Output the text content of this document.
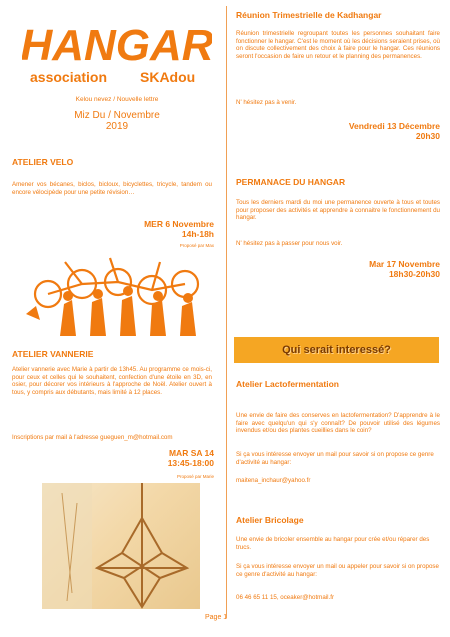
HANGAR
association SKAdou
Kelou nevez / Nouvelle lettre
Miz Du / Novembre
2019
ATELIER VELO
Amener vos bécanes, biclos, bicloux, bicyclettes, tricycle, tandem ou encore vélocipède pour une petite révision…
MER 6 Novembre
14h-18h
Proposé par Max
ATELIER VANNERIE
Atelier vannerie avec Marie à partir de 13h45. Au programme ce mois-ci, pour ceux et celles qui le souhaitent, confection d'une étoile en 3D, en osier, pour décorer vos intérieurs à l'approche de Noël. Atelier ouvert à tous, y compris aux débutants, mais limité à 12 places.
Inscriptions par mail à l'adresse gueguen_m@hotmail.com
MAR SA 14
13:45-18:00
Proposé par Marie
Réunion Trimestrielle de Kadhangar
Réunion trimestrielle regroupant toutes les personnes souhaitant faire fonctionner le hangar. C'est le moment où les décisions seraient prises, où on discute collectivement des choix à faire pour le hangar. Ces réunions seront l'occasion de faire un retour et le planning des permanences.
N' hésitez pas à venir.
Vendredi 13 Décembre
20h30
PERMANACE DU HANGAR
Tous les derniers mardi du moi une permanence ouverte à tous et toutes pour proposer des activités et apprendre à connaitre le fonctionnement du hangar.
N' hésitez pas à passer pour nous voir.
Mar 17 Novembre
18h30-20h30
Qui serait interessé?
Atelier Lactofermentation
Une envie de faire des conserves en lactofermentation? D'apprendre à le faire avec quelqu'un qui s'y connaît? De pouvoir utilisé des légumes invendus et/ou des plantes cueillies dans le coin?
Si ça vous intéresse envoyer un mail pour savoir si on propose ce genre d'activité au hangar:
maitena_inchaur@yahoo.fr
Atelier Bricolage
Une envie de bricoler ensemble au hangar pour crée et/ou réparer des trucs.
Si ça vous intéresse envoyer un mail ou appeler pour savoir si on propose ce genre d'activité au hangar:
06 46 65 11 15, oceaker@hotmail.fr
Page 1
